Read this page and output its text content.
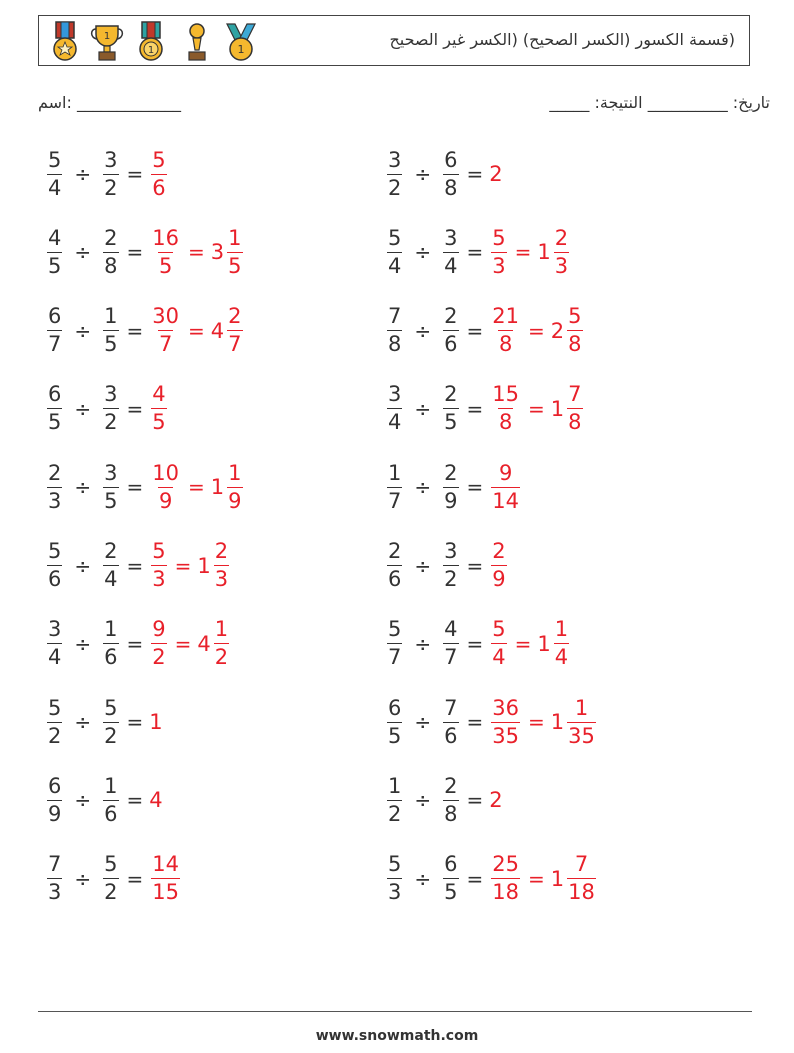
1
1	1
(قسمة الكسور (الكسر الصحيح) (الكسر غير الصحيح
اسم: _____________	_____ :تاريخ: __________ النتيجة
$\frac{5}{4} \div \frac{3}{2} = \frac{5}{6}$
$\frac{4}{5} \div \frac{2}{8} = \frac{16}{5} = 3 \frac{1}{5}$
$\frac{6}{7} \div \frac{1}{5} = \frac{30}{7} = 4 \frac{2}{7}$
$\frac{6}{5} \div \frac{3}{2} = \frac{4}{5}$
$\frac{2}{3} \div \frac{3}{5} = \frac{10}{9} = 1 \frac{1}{9}$
$\frac{5}{6} \div \frac{2}{4} = \frac{5}{3} = 1 \frac{2}{3}$
$\frac{3}{4} \div \frac{1}{6} = \frac{9}{2} = 4 \frac{1}{2}$
$\frac{5}{2} \div \frac{5}{2} = 1$
$\frac{6}{9} \div \frac{1}{6} = 4$
$\frac{7}{3} \div \frac{5}{2} = \frac{14}{15}$
$\frac{3}{2} \div \frac{6}{8} = 2$
$\frac{5}{4} \div \frac{3}{4} = \frac{5}{3} = 1 \frac{2}{3}$
$\frac{7}{8} \div \frac{2}{6} = \frac{21}{8} = 2 \frac{5}{8}$
$\frac{3}{4} \div \frac{2}{5} = \frac{15}{8} = 1 \frac{7}{8}$
$\frac{1}{7} \div \frac{2}{9} = \frac{9}{14}$
$\frac{2}{6} \div \frac{3}{2} = \frac{2}{9}$
$\frac{5}{7} \div \frac{4}{7} = \frac{5}{4} = 1 \frac{1}{4}$
$\frac{6}{5} \div \frac{7}{6} = \frac{36}{35} = 1 \frac{1}{35}$
$\frac{1}{2} \div \frac{2}{8} = 2$
$\frac{5}{3} \div \frac{6}{5} = \frac{25}{18} = 1 \frac{7}{18}$
www.snowmath.com
